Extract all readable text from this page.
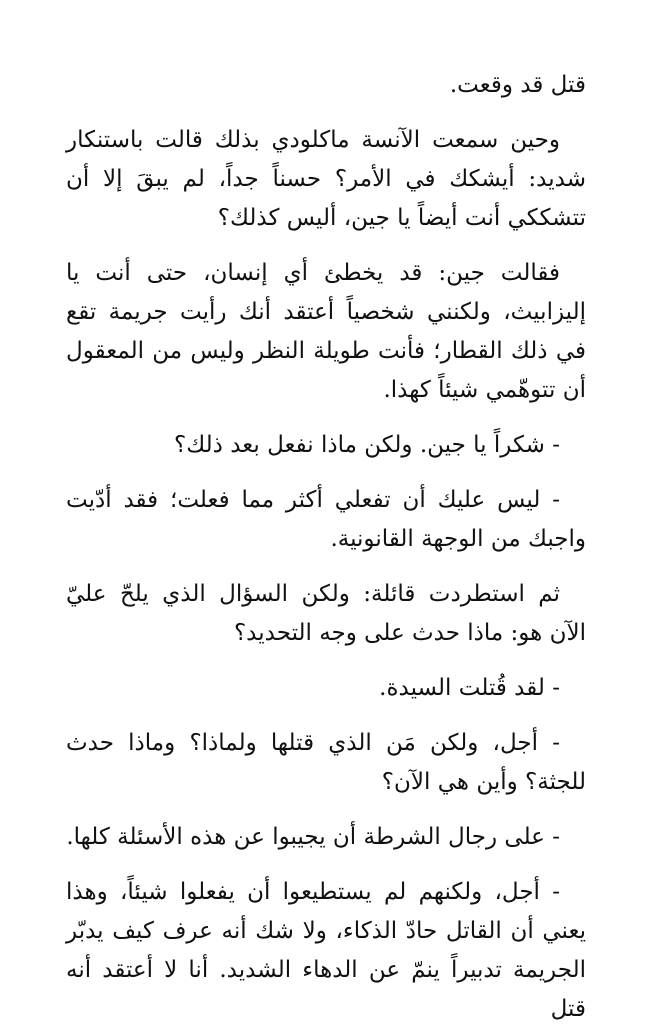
قتل قد وقعت.

وحين سمعت الآنسة ماكلودي بذلك قالت باستنكار شديد: أيشكك في الأمر؟ حسناً جداً، لم يبقَ إلا أن تتشككي أنت أيضاً يا جين، أليس كذلك؟

فقالت جين: قد يخطئ أي إنسان، حتى أنت يا إليزابيث، ولكنني شخصياً أعتقد أنك رأيت جريمة تقع في ذلك القطار؛ فأنت طويلة النظر وليس من المعقول أن تتوهّمي شيئاً كهذا.

- شكراً يا جين. ولكن ماذا نفعل بعد ذلك؟

- ليس عليك أن تفعلي أكثر مما فعلت؛ فقد أدّيت واجبك من الوجهة القانونية.

ثم استطردت قائلة: ولكن السؤال الذي يلحّ عليّ الآن هو: ماذا حدث على وجه التحديد؟

- لقد قُتلت السيدة.

- أجل، ولكن مَن الذي قتلها ولماذا؟ وماذا حدث للجثة؟ وأين هي الآن؟

- على رجال الشرطة أن يجيبوا عن هذه الأسئلة كلها.

- أجل، ولكنهم لم يستطيعوا أن يفعلوا شيئاً، وهذا يعني أن القاتل حادّ الذكاء، ولا شك أنه عرف كيف يدبّر الجريمة تدبيراً ينمّ عن الدهاء الشديد. أنا لا أعتقد أنه قتل
